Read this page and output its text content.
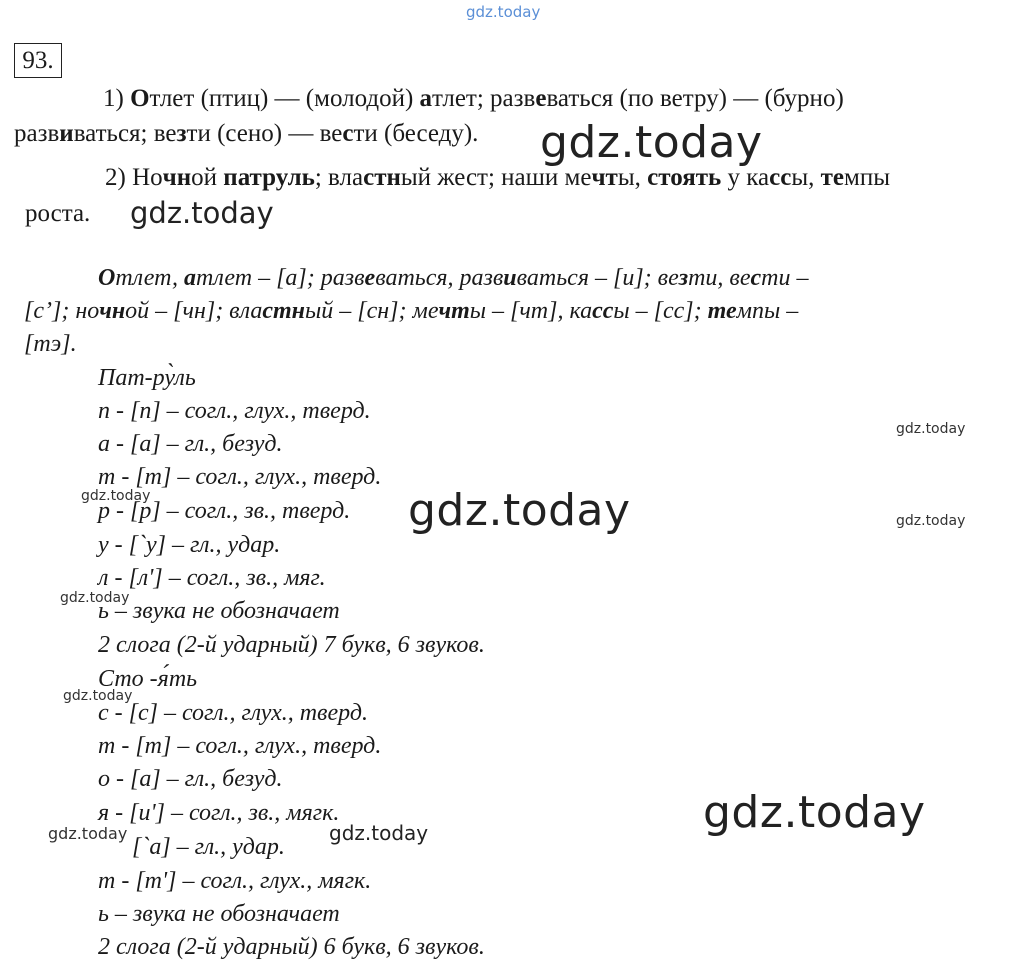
gdz.today
93.
1) Отлет (птиц) — (молодой) атлет; развеваться (по ветру) — (бурно)
развиваться; везти (сено) — вести (беседу). gdz.today
2) Ночной патруль; властный жест; наши мечты, стоять у кассы, темпы
роста. gdz.today
Отлет, атлет – [а]; развеваться, развиваться – [и]; везти, вести –
[с’]; ночной – [чн]; властный – [сн]; мечты – [чт], кассы – [сс]; темпы –
[тэ].
Пат-ру̀ль
п - [п] – согл., глух., тверд.
а - [а] – гл., безуд.
т - [т] – согл., глух., тверд.
р - [р] – согл., зв., тверд.
у - [`у] – гл., удар.
л - [л'] – согл., зв., мяг.
ь – звука не обозначает
2 слога (2-й ударный) 7 букв, 6 звуков.
Сто -я́ть
с - [с] – согл., глух., тверд.
т - [т] – согл., глух., тверд.
о - [а] – гл., безуд.
я - [и'] – согл., зв., мягк.
[`а] – гл., удар.
т - [т'] – согл., глух., мягк.
ь – звука не обозначает
2 слога (2-й ударный) 6 букв, 6 звуков.
gdz.today
gdz.today	gdz.today	gdz.today
gdz.today
gdz.today
gdz.today
gdz.today	gdz.today
